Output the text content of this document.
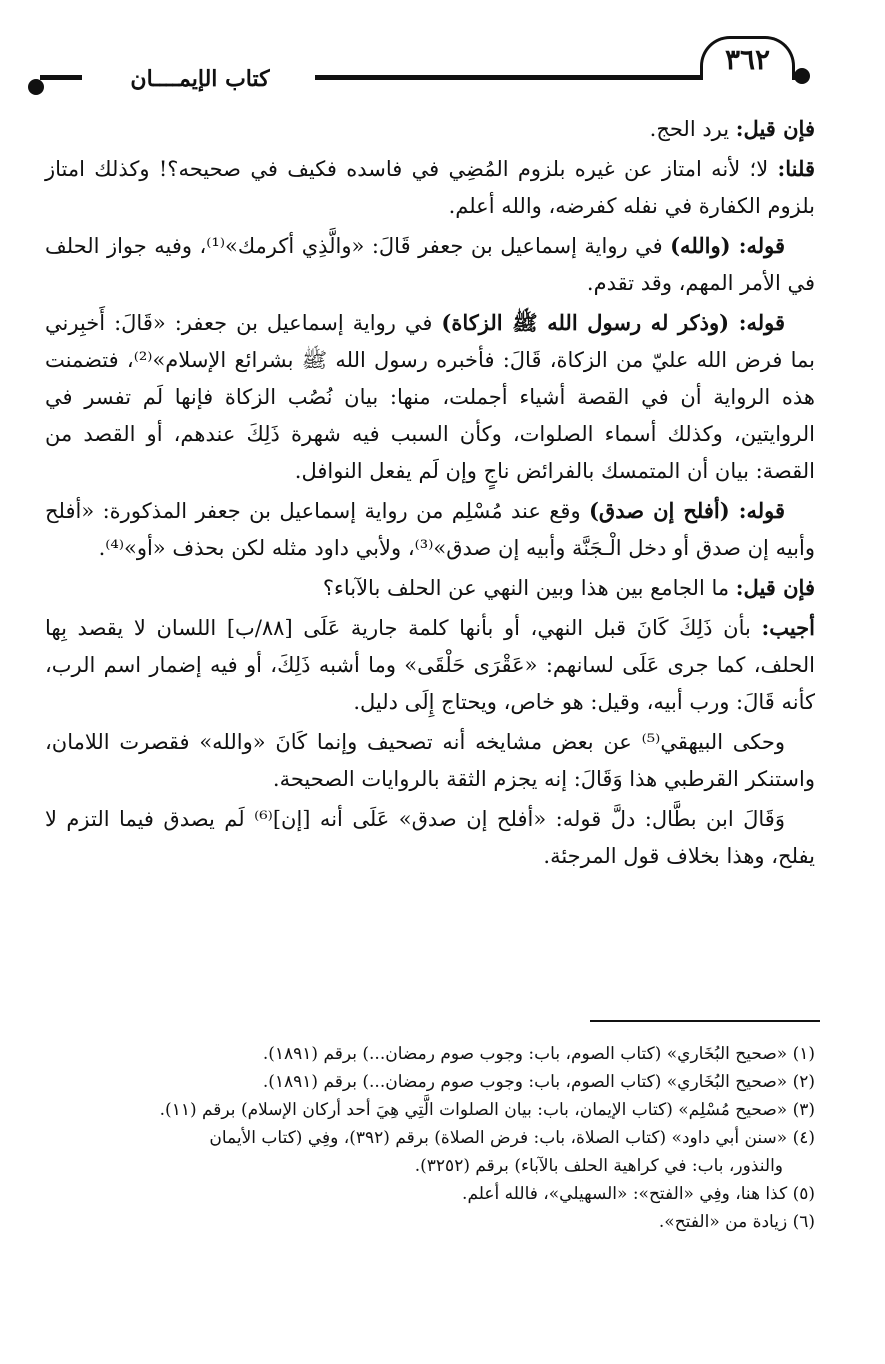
٣٦٢
كتاب الإيمــــان

فإن قيل: يرد الحج.

قلنا: لا؛ لأنه امتاز عن غيره بلزوم المُضِي في فاسده فكيف في صحيحه؟! وكذلك امتاز بلزوم الكفارة في نفله كفرضه، والله أعلم.

قوله: (والله) في رواية إسماعيل بن جعفر قَالَ: «والَّذِي أكرمك»⁽¹⁾، وفيه جواز الحلف في الأمر المهم، وقد تقدم.

قوله: (وذكر له رسول الله ﷺ الزكاة) في رواية إسماعيل بن جعفر: «قَالَ: أَخبِرني بما فرض الله عليّ من الزكاة، قَالَ: فأخبره رسول الله ﷺ بشرائع الإسلام»⁽²⁾، فتضمنت هذه الرواية أن في القصة أشياء أجملت، منها: بيان نُصُب الزكاة فإنها لَم تفسر في الروايتين، وكذلك أسماء الصلوات، وكأن السبب فيه شهرة ذَلِكَ عندهم، أو القصد من القصة: بيان أن المتمسك بالفرائض ناجٍ وإن لَم يفعل النوافل.

قوله: (أفلح إن صدق) وقع عند مُسْلِم من رواية إسماعيل بن جعفر المذكورة: «أفلح وأبيه إن صدق أو دخل الْـجَنَّة وأبيه إن صدق»⁽³⁾، ولأبي داود مثله لكن بحذف «أو»⁽⁴⁾.

فإن قيل: ما الجامع بين هذا وبين النهي عن الحلف بالآباء؟

أجيب: بأن ذَلِكَ كَانَ قبل النهي، أو بأنها كلمة جارية عَلَى [٨٨/ب] اللسان لا يقصد بِها الحلف، كما جرى عَلَى لسانهم: «عَقْرَى حَلْقَى» وما أشبه ذَلِكَ، أو فيه إضمار اسم الرب، كأنه قَالَ: ورب أبيه، وقيل: هو خاص، ويحتاج إِلَى دليل.

وحكى البيهقي⁽⁵⁾ عن بعض مشايخه أنه تصحيف وإنما كَانَ «والله» فقصرت اللامان، واستنكر القرطبي هذا وَقَالَ: إنه يجزم الثقة بالروايات الصحيحة.

وَقَالَ ابن بطَّال: دلَّ قوله: «أفلح إن صدق» عَلَى أنه [إن]⁽⁶⁾ لَم يصدق فيما التزم لا يفلح، وهذا بخلاف قول المرجئة.

(١) «صحيح البُخَاري» (كتاب الصوم، باب: وجوب صوم رمضان...) برقم (١٨٩١).

(٢) «صحيح البُخَاري» (كتاب الصوم، باب: وجوب صوم رمضان...) برقم (١٨٩١).

(٣) «صحيح مُسْلِم» (كتاب الإيمان، باب: بيان الصلوات الَّتِي هِيَ أحد أركان الإسلام) برقم (١١).

(٤) «سنن أبي داود» (كتاب الصلاة، باب: فرض الصلاة) برقم (٣٩٢)، وفِي (كتاب الأيمان

والنذور، باب: في كراهية الحلف بالآباء) برقم (٣٢٥٢).

(٥) كذا هنا، وفِي «الفتح»: «السهيلي»، فالله أعلم.

(٦) زيادة من «الفتح».
